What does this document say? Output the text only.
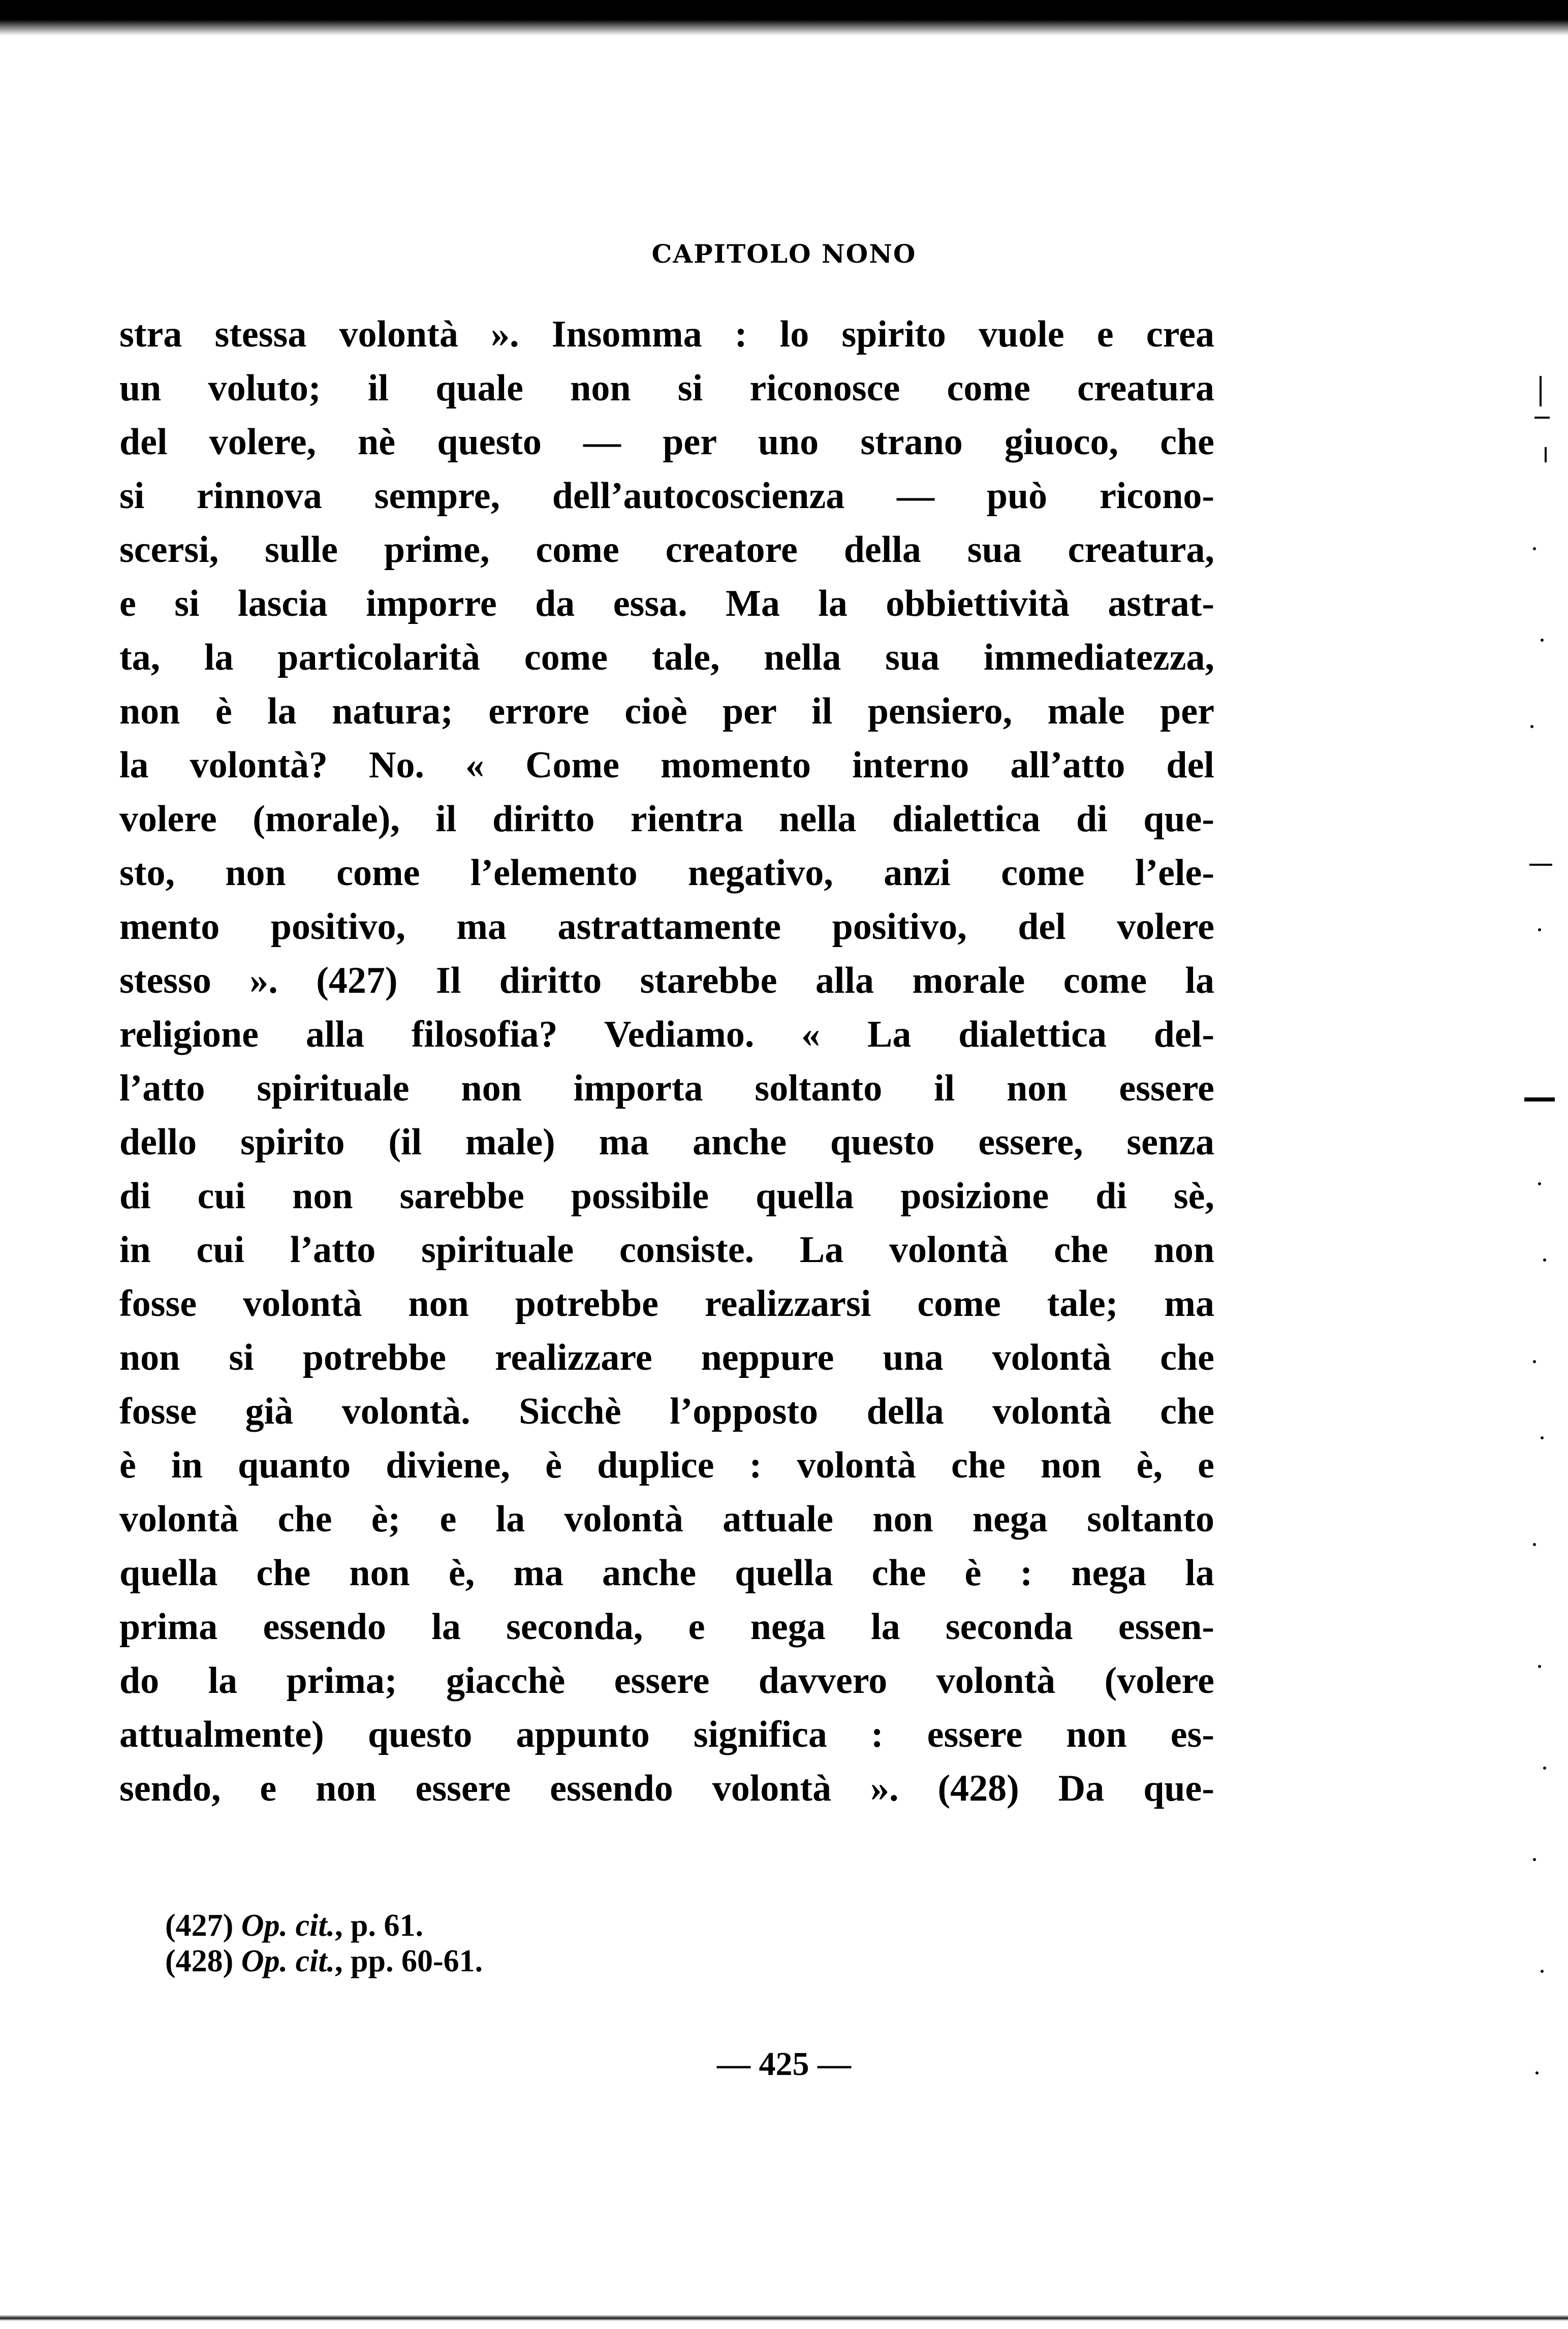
CAPITOLO NONO
stra stessa volontà ». Insomma : lo spirito vuole e crea
un voluto; il quale non si riconosce come creatura
del volere, nè questo — per uno strano giuoco, che
si rinnova sempre, dell’autocoscienza — può ricono-
scersi, sulle prime, come creatore della sua creatura,
e si lascia imporre da essa. Ma la obbiettività astrat-
ta, la particolarità come tale, nella sua immediatezza,
non è la natura; errore cioè per il pensiero, male per
la volontà? No. « Come momento interno all’atto del
volere (morale), il diritto rientra nella dialettica di que-
sto, non come l’elemento negativo, anzi come l’ele-
mento positivo, ma astrattamente positivo, del volere
stesso ». (427) Il diritto starebbe alla morale come la
religione alla filosofia? Vediamo. « La dialettica del-
l’atto spirituale non importa soltanto il non essere
dello spirito (il male) ma anche questo essere, senza
di cui non sarebbe possibile quella posizione di sè,
in cui l’atto spirituale consiste. La volontà che non
fosse volontà non potrebbe realizzarsi come tale; ma
non si potrebbe realizzare neppure una volontà che
fosse già volontà. Sicchè l’opposto della volontà che
è in quanto diviene, è duplice : volontà che non è, e
volontà che è; e la volontà attuale non nega soltanto
quella che non è, ma anche quella che è : nega la
prima essendo la seconda, e nega la seconda essen-
do la prima; giacchè essere davvero volontà (volere
attualmente) questo appunto significa : essere non es-
sendo, e non essere essendo volontà ». (428) Da que-
(427) Op. cit., p. 61.
(428) Op. cit., pp. 60-61.
— 425 —
